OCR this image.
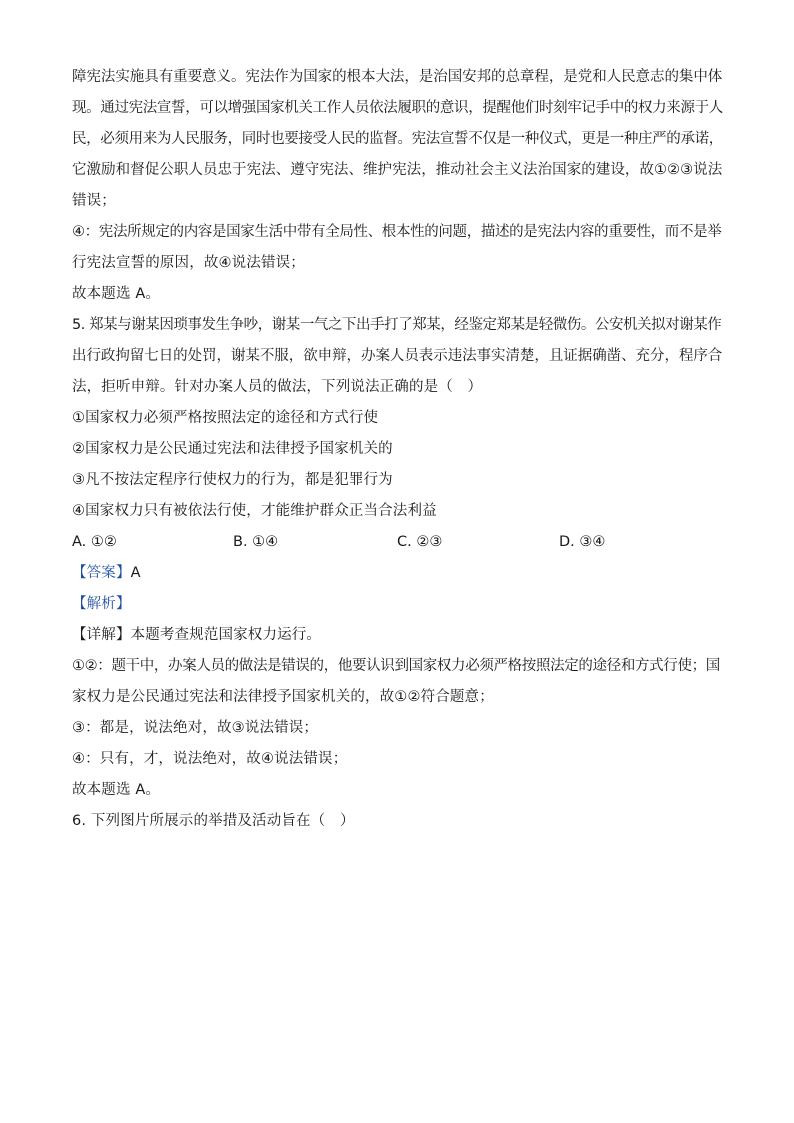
障宪法实施具有重要意义。宪法作为国家的根本大法，是治国安邦的总章程，是党和人民意志的集中体

现。通过宪法宣誓，可以增强国家机关工作人员依法履职的意识，提醒他们时刻牢记手中的权力来源于人

民，必须用来为人民服务，同时也要接受人民的监督。宪法宣誓不仅是一种仪式，更是一种庄严的承诺，

它激励和督促公职人员忠于宪法、遵守宪法、维护宪法，推动社会主义法治国家的建设，故①②③说法

错误；

④：宪法所规定的内容是国家生活中带有全局性、根本性的问题，描述的是宪法内容的重要性，而不是举

行宪法宣誓的原因，故④说法错误；

故本题选 A。

5. 郑某与谢某因琐事发生争吵，谢某一气之下出手打了郑某，经鉴定郑某是轻微伤。公安机关拟对谢某作

出行政拘留七日的处罚，谢某不服，欲申辩，办案人员表示违法事实清楚，且证据确凿、充分，程序合

法，拒听申辩。针对办案人员的做法，下列说法正确的是（　）

①国家权力必须严格按照法定的途径和方式行使

②国家权力是公民通过宪法和法律授予国家机关的

③凡不按法定程序行使权力的行为，都是犯罪行为

④国家权力只有被依法行使，才能维护群众正当合法利益

A. ①②	B. ①④	C. ②③	D. ③④

【答案】A

【解析】

【详解】本题考查规范国家权力运行。

①②：题干中，办案人员的做法是错误的，他要认识到国家权力必须严格按照法定的途径和方式行使；国

家权力是公民通过宪法和法律授予国家机关的，故①②符合题意；

③：都是，说法绝对，故③说法错误；

④：只有，才，说法绝对，故④说法错误；

故本题选 A。

6. 下列图片所展示的举措及活动旨在（　）
